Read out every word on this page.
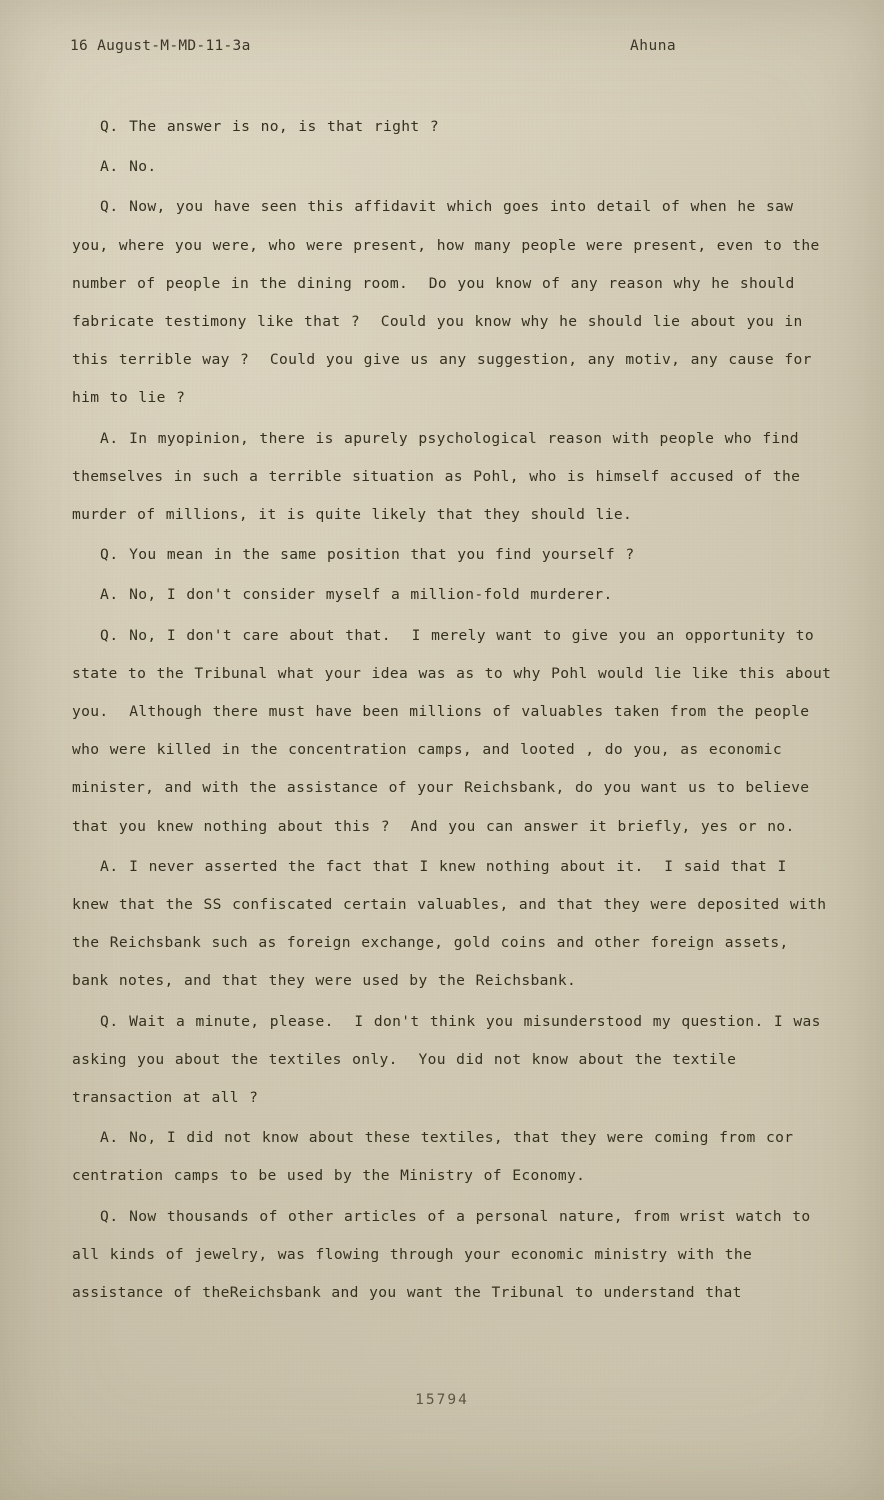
16 August-M-MD-11-3a	Ahuna

Q. The answer is no, is that right ?

A. No.

Q. Now, you have seen this affidavit which goes into detail of when he saw you, where you were, who were present, how many people were present, even to the number of people in the dining room.  Do you know of any reason why he should fabricate testimony like that ?  Could you know why he should lie about you in this terrible way ?  Could you give us any suggestion, any motiv, any cause for him to lie ?

A. In myopinion, there is apurely psychological reason with people who find themselves in such a terrible situation as Pohl, who is himself accused of the murder of millions, it is quite likely that they should lie.

Q. You mean in the same position that you find yourself ?

A. No, I don't consider myself a million-fold murderer.

Q. No, I don't care about that.  I merely want to give you an opportunity to state to the Tribunal what your idea was as to why Pohl would lie like this about you.  Although there must have been millions of valuables taken from the people who were killed in the concentration camps, and looted , do you, as economic minister, and with the assistance of your Reichsbank, do you want us to believe that you knew nothing about this ?  And you can answer it briefly, yes or no.

A. I never asserted the fact that I knew nothing about it.  I said that I knew that the SS confiscated certain valuables, and that they were deposited with the Reichsbank such as foreign exchange, gold coins and other foreign assets, bank notes, and that they were used by the Reichsbank.

Q. Wait a minute, please.  I don't think you misunderstood my question. I was asking you about the textiles only.  You did not know about the textile transaction at all ?

A. No, I did not know about these textiles, that they were coming from cor centration camps to be used by the Ministry of Economy.

Q. Now thousands of other articles of a personal nature, from wrist watch to all kinds of jewelry, was flowing through your economic ministry with the assistance of theReichsbank and you want the Tribunal to understand that

15794
